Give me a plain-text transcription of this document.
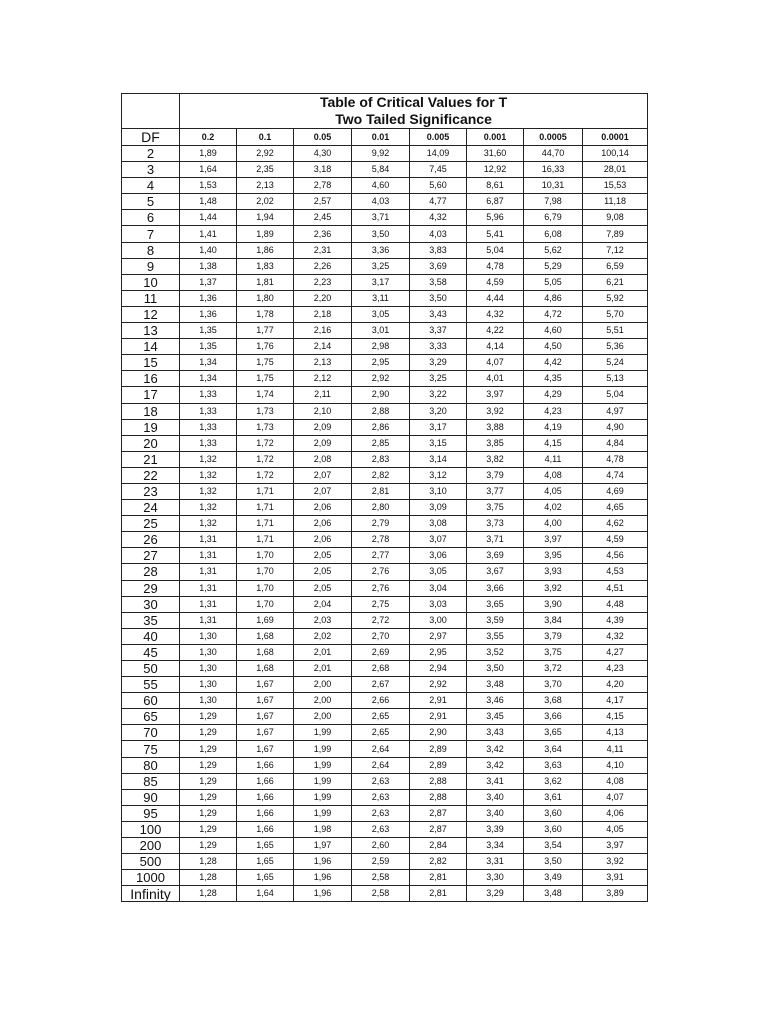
	Table of Critical Values for T
Two Tailed Significance							

DF	0.2	0.1	0.05	0.01	0.005	0.001	0.0005	0.0001
2	1,89	2,92	4,30	9,92	14,09	31,60	44,70	100,14
3	1,64	2,35	3,18	5,84	7,45	12,92	16,33	28,01
4	1,53	2,13	2,78	4,60	5,60	8,61	10,31	15,53
5	1,48	2,02	2,57	4,03	4,77	6,87	7,98	11,18
6	1,44	1,94	2,45	3,71	4,32	5,96	6,79	9,08
7	1,41	1,89	2,36	3,50	4,03	5,41	6,08	7,89
8	1,40	1,86	2,31	3,36	3,83	5,04	5,62	7,12
9	1,38	1,83	2,26	3,25	3,69	4,78	5,29	6,59
10	1,37	1,81	2,23	3,17	3,58	4,59	5,05	6,21
11	1,36	1,80	2,20	3,11	3,50	4,44	4,86	5,92
12	1,36	1,78	2,18	3,05	3,43	4,32	4,72	5,70
13	1,35	1,77	2,16	3,01	3,37	4,22	4,60	5,51
14	1,35	1,76	2,14	2,98	3,33	4,14	4,50	5,36
15	1,34	1,75	2,13	2,95	3,29	4,07	4,42	5,24
16	1,34	1,75	2,12	2,92	3,25	4,01	4,35	5,13
17	1,33	1,74	2,11	2,90	3,22	3,97	4,29	5,04
18	1,33	1,73	2,10	2,88	3,20	3,92	4,23	4,97
19	1,33	1,73	2,09	2,86	3,17	3,88	4,19	4,90
20	1,33	1,72	2,09	2,85	3,15	3,85	4,15	4,84
21	1,32	1,72	2,08	2,83	3,14	3,82	4,11	4,78
22	1,32	1,72	2,07	2,82	3,12	3,79	4,08	4,74
23	1,32	1,71	2,07	2,81	3,10	3,77	4,05	4,69
24	1,32	1,71	2,06	2,80	3,09	3,75	4,02	4,65
25	1,32	1,71	2,06	2,79	3,08	3,73	4,00	4,62
26	1,31	1,71	2,06	2,78	3,07	3,71	3,97	4,59
27	1,31	1,70	2,05	2,77	3,06	3,69	3,95	4,56
28	1,31	1,70	2,05	2,76	3,05	3,67	3,93	4,53
29	1,31	1,70	2,05	2,76	3,04	3,66	3,92	4,51
30	1,31	1,70	2,04	2,75	3,03	3,65	3,90	4,48
35	1,31	1,69	2,03	2,72	3,00	3,59	3,84	4,39
40	1,30	1,68	2,02	2,70	2,97	3,55	3,79	4,32
45	1,30	1,68	2,01	2,69	2,95	3,52	3,75	4,27
50	1,30	1,68	2,01	2,68	2,94	3,50	3,72	4,23
55	1,30	1,67	2,00	2,67	2,92	3,48	3,70	4,20
60	1,30	1,67	2,00	2,66	2,91	3,46	3,68	4,17
65	1,29	1,67	2,00	2,65	2,91	3,45	3,66	4,15
70	1,29	1,67	1,99	2,65	2,90	3,43	3,65	4,13
75	1,29	1,67	1,99	2,64	2,89	3,42	3,64	4,11
80	1,29	1,66	1,99	2,64	2,89	3,42	3,63	4,10
85	1,29	1,66	1,99	2,63	2,88	3,41	3,62	4,08
90	1,29	1,66	1,99	2,63	2,88	3,40	3,61	4,07
95	1,29	1,66	1,99	2,63	2,87	3,40	3,60	4,06
100	1,29	1,66	1,98	2,63	2,87	3,39	3,60	4,05
200	1,29	1,65	1,97	2,60	2,84	3,34	3,54	3,97
500	1,28	1,65	1,96	2,59	2,82	3,31	3,50	3,92
1000	1,28	1,65	1,96	2,58	2,81	3,30	3,49	3,91
Infinity	1,28	1,64	1,96	2,58	2,81	3,29	3,48	3,89
